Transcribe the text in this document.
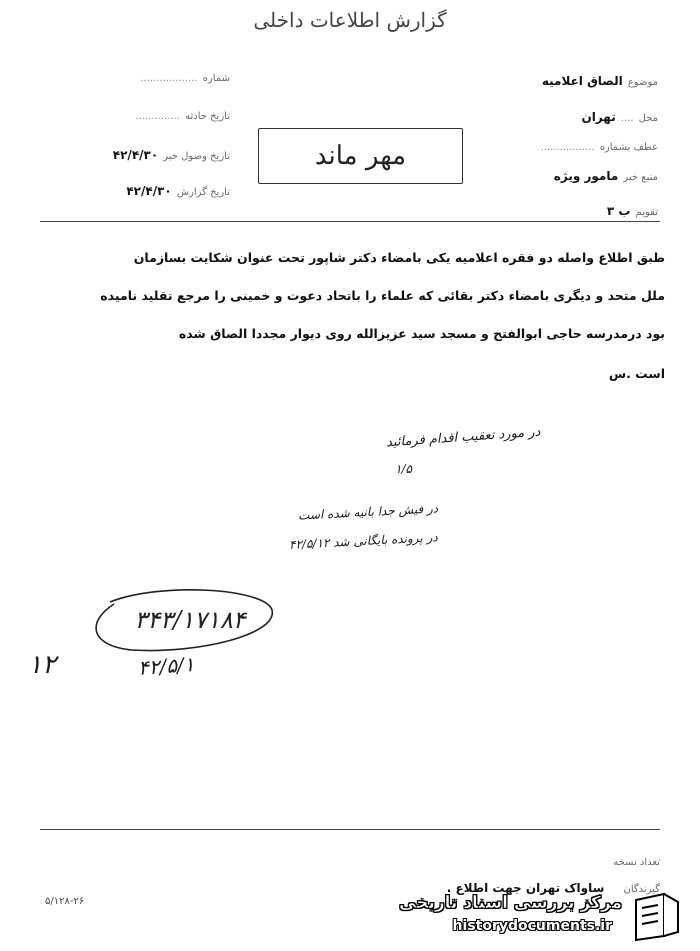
گزارش اطلاعات داخلی
شماره ..................
تاریخ حادثه ..............
تاریخ وصول خبر ۴۲/۴/۳۰
تاریخ گزارش ۴۲/۴/۳۰
مهر ماند
موضوع الصاق اعلامیه
محل .... تهران
عطف بشماره .................
منبع خبر مامور ویژه
تقویم ب ۳
طبق اطلاع واصله دو فقره اعلامیه یکی بامضاء دکتر شاپور تحت عنوان شکایت بسازمان
ملل متحد و دیگری بامضاء دکتر بقائی که علماء را باتحاد دعوت و خمینی را مرجع تقلید نامیده
بود درمدرسه حاجی ابوالفتح و مسجد سید عزیزالله روی دیوار مجددا الصاق شده
است .س
در مورد تعقیب اقدام فرمائید
۱/۵
در فیش جدا بانیه شده است
در پرونده بایگانی شد ۴۲/۵/۱۲
۳۴۳/۱۷۱۸۴
۴۲/۵/۱
۱۲
تعداد نسخه
گیرندگان ساواک تهران جهت اطلاع .
۵/۱۲۸-۲۶	مرکز بررسی اسناد تاریخی
historydocuments.ir
